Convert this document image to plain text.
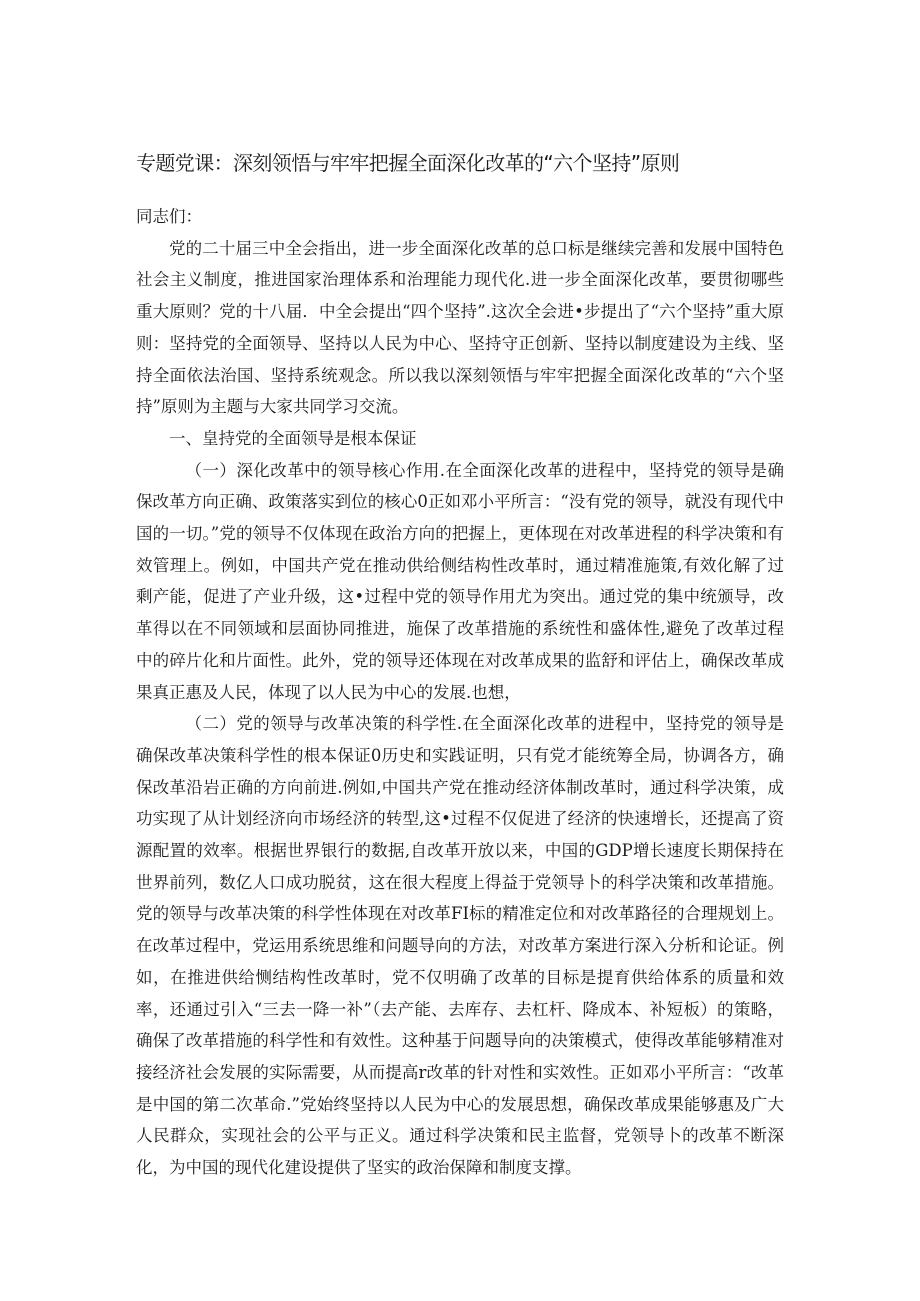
专题党课：深刻领悟与牢牢把握全面深化改革的“六个坚持”原则

同志们：

党的二十届三中全会指出，进一步全面深化改革的总口标是继续完善和发展中国特色社会主义制度，推进国家治理体系和治理能力现代化.进一步全面深化改革，要贯彻哪些重大原则？党的十八届．中全会提出“四个坚持”.这次全会进•步提出了“六个坚持”重大原则：坚持党的全面领导、坚持以人民为中心、坚持守正创新、坚持以制度建设为主线、坚持全面依法治国、坚持系统观念。所以我以深刻领悟与牢牢把握全面深化改革的“六个坚持”原则为主题与大家共同学习交流。

一、皇持党的全面领导是根本保证

（一）深化改革中的领导核心作用.在全面深化改革的进程中，坚持党的领导是确保改革方向正确、政策落实到位的核心0正如邓小平所言：“没有党的领导，就没有现代中国的一切。”党的领导不仅体现在政治方向的把握上，更体现在对改革进程的科学决策和有效管理上。例如，中国共产党在推动供给侧结构性改革时，通过精准施策,有效化解了过剩产能，促进了产业升级，这•过程中党的领导作用尤为突出。通过党的集中统颁导，改革得以在不同领域和层面协同推进，施保了改革措施的系统性和盛体性,避免了改革过程中的碎片化和片面性。此外，党的领导还体现在对改革成果的监舒和评估上，确保改革成果真正惠及人民，体现了以人民为中心的发展.也想，

（二）党的领导与改革决策的科学性.在全面深化改革的进程中，坚持党的领导是确保改革决策科学性的根本保证0历史和实践证明，只有党才能统筹全局，协调各方，确保改革沿岩正确的方向前进.例如,中国共产党在推动经济体制改革时，通过科学决策，成功实现了从计划经济向市场经济的转型,这•过程不仅促进了经济的快速增长，还提高了资源配置的效率。根据世界银行的数据,自改革开放以来，中国的GDP增长速度长期保持在世界前列，数亿人口成功脱贫，这在很大程度上得益于党领导卜的科学决策和改革措施。党的领导与改革决策的科学性体现在对改革FI标的精准定位和对改革路径的合理规划上。在改革过程中，党运用系统思维和问题导向的方法，对改革方案进行深入分析和论证。例如，在推进供给恻结构性改革时，党不仅明确了改革的目标是提育供给体系的质量和效率，还通过引入“三去一降一补”（去产能、去库存、去杠杆、降成本、补短板）的策略，确保了改革措施的科学性和有效性。这种基于问题导向的决策模式，使得改革能够精准对接经济社会发展的实际需要，从而提高r改革的针对性和实效性。正如邓小平所言：“改革是中国的第二次革命.”党始终坚持以人民为中心的发展思想，确保改革成果能够惠及广大人民群众，实现社会的公平与正义。通过科学决策和民主监督，党领导卜的改革不断深化，为中国的现代化建设提供了坚实的政治保障和制度支撑。
